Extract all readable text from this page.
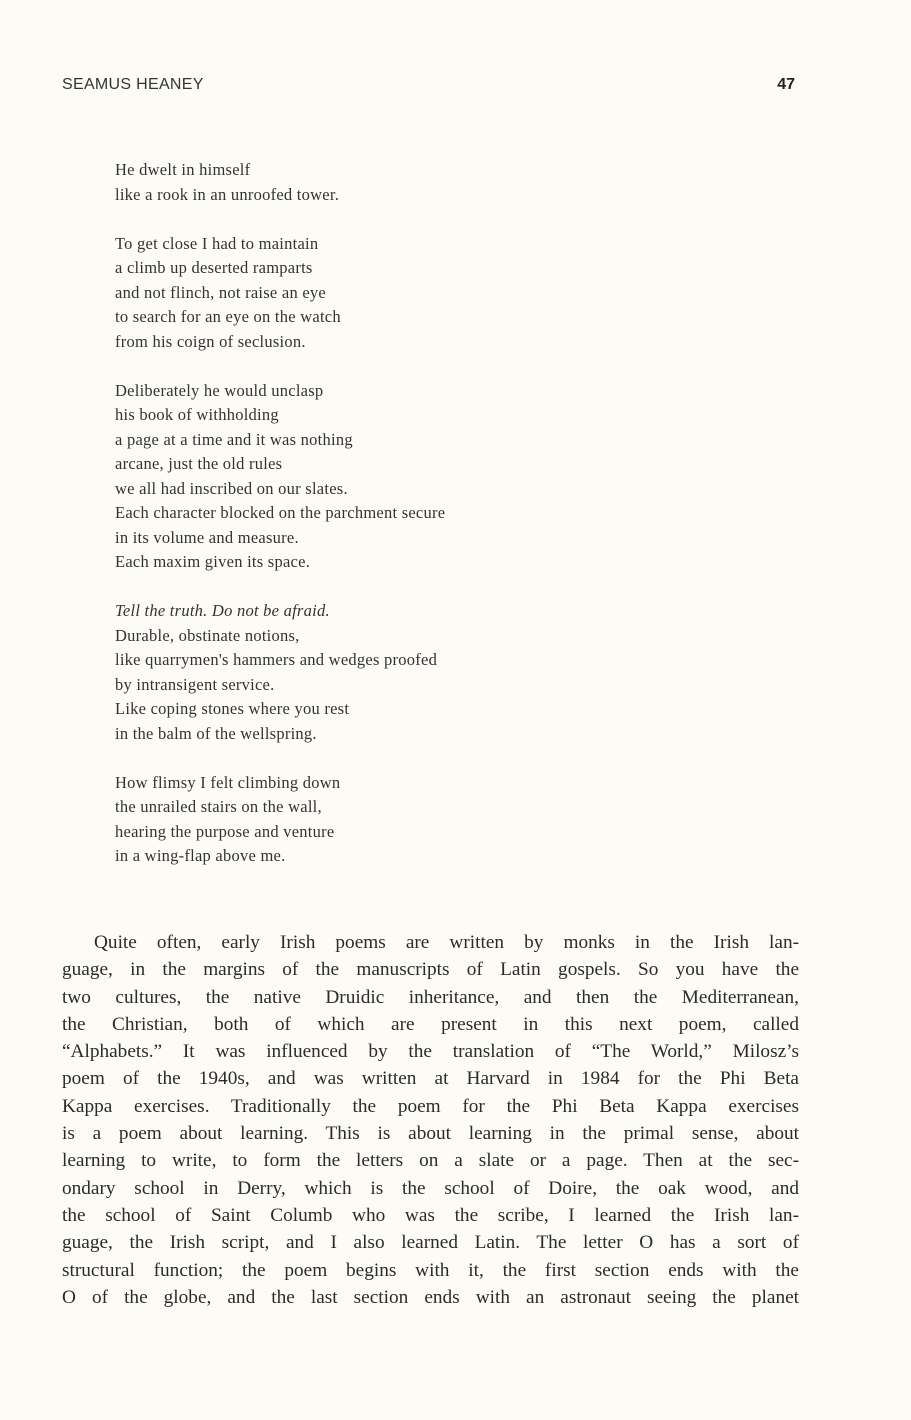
SEAMUS HEANEY	47
He dwelt in himself
like a rook in an unroofed tower.
To get close I had to maintain
a climb up deserted ramparts
and not flinch, not raise an eye
to search for an eye on the watch
from his coign of seclusion.
Deliberately he would unclasp
his book of withholding
a page at a time and it was nothing
arcane, just the old rules
we all had inscribed on our slates.
Each character blocked on the parchment secure
in its volume and measure.
Each maxim given its space.
Tell the truth. Do not be afraid.
Durable, obstinate notions,
like quarrymen's hammers and wedges proofed
by intransigent service.
Like coping stones where you rest
in the balm of the wellspring.
How flimsy I felt climbing down
the unrailed stairs on the wall,
hearing the purpose and venture
in a wing-flap above me.
Quite often, early Irish poems are written by monks in the Irish lan-
guage, in the margins of the manuscripts of Latin gospels. So you have the
two cultures, the native Druidic inheritance, and then the Mediterranean,
the Christian, both of which are present in this next poem, called
“Alphabets.” It was influenced by the translation of “The World,” Milosz’s
poem of the 1940s, and was written at Harvard in 1984 for the Phi Beta
Kappa exercises. Traditionally the poem for the Phi Beta Kappa exercises
is a poem about learning. This is about learning in the primal sense, about
learning to write, to form the letters on a slate or a page. Then at the sec-
ondary school in Derry, which is the school of Doire, the oak wood, and
the school of Saint Columb who was the scribe, I learned the Irish lan-
guage, the Irish script, and I also learned Latin. The letter O has a sort of
structural function; the poem begins with it, the first section ends with the
O of the globe, and the last section ends with an astronaut seeing the planet
